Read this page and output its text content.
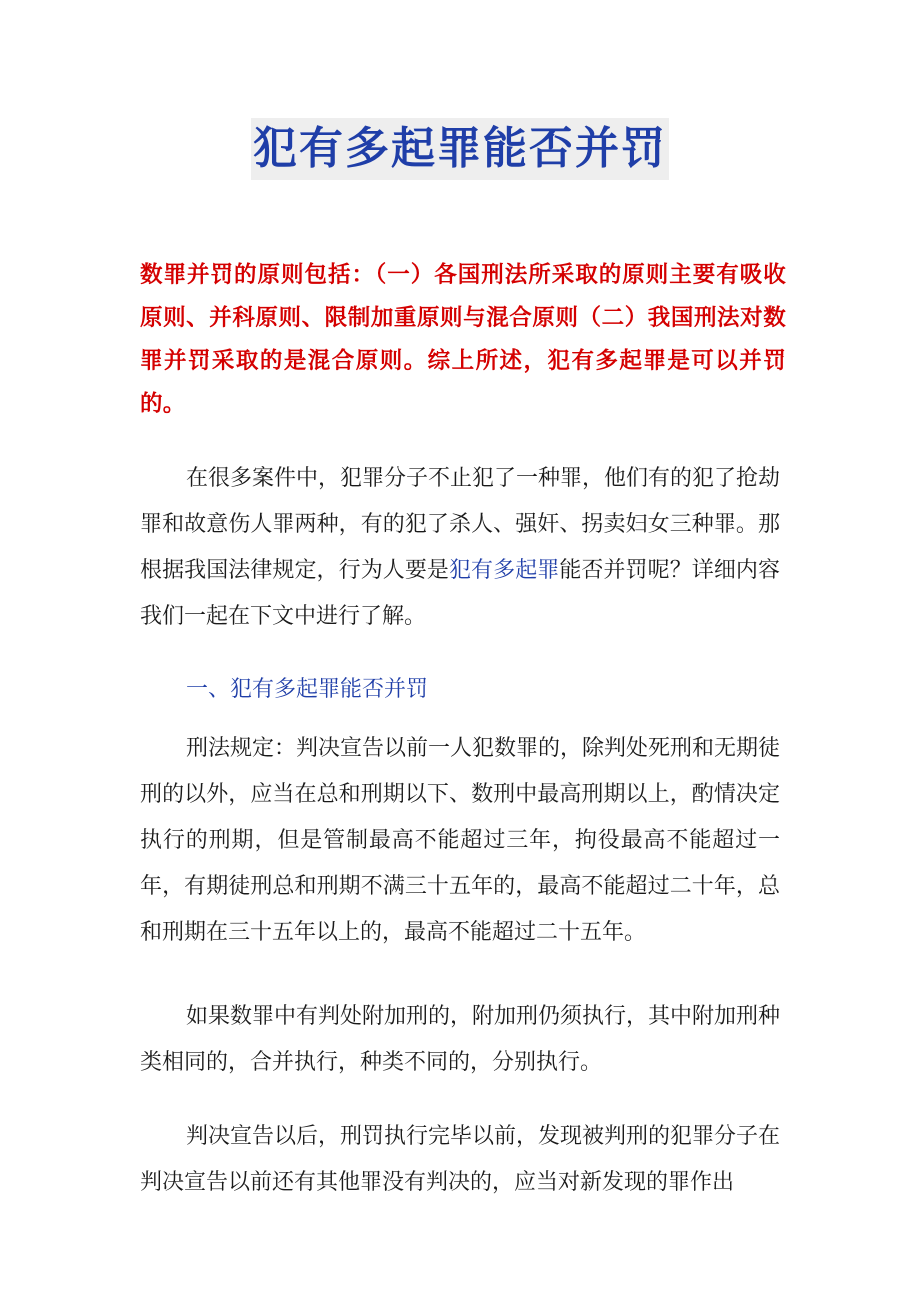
犯有多起罪能否并罚
数罪并罚的原则包括：（一）各国刑法所采取的原则主要有吸收原则、并科原则、限制加重原则与混合原则（二）我国刑法对数罪并罚采取的是混合原则。综上所述，犯有多起罪是可以并罚的。
在很多案件中，犯罪分子不止犯了一种罪，他们有的犯了抢劫罪和故意伤人罪两种，有的犯了杀人、强奸、拐卖妇女三种罪。那根据我国法律规定，行为人要是犯有多起罪能否并罚呢？详细内容我们一起在下文中进行了解。
一、犯有多起罪能否并罚
刑法规定：判决宣告以前一人犯数罪的，除判处死刑和无期徒刑的以外，应当在总和刑期以下、数刑中最高刑期以上，酌情决定执行的刑期，但是管制最高不能超过三年，拘役最高不能超过一年，有期徒刑总和刑期不满三十五年的，最高不能超过二十年，总和刑期在三十五年以上的，最高不能超过二十五年。
如果数罪中有判处附加刑的，附加刑仍须执行，其中附加刑种类相同的，合并执行，种类不同的，分别执行。
判决宣告以后，刑罚执行完毕以前，发现被判刑的犯罪分子在判决宣告以前还有其他罪没有判决的，应当对新发现的罪作出
